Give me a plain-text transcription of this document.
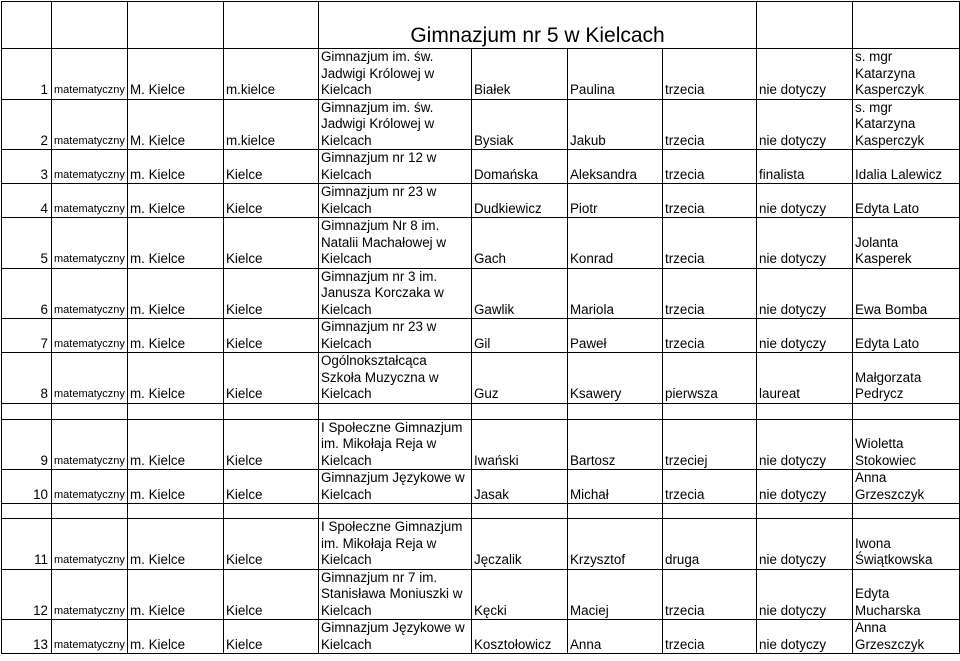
				Gimnazjum nr 5 w Kielcach					
1	matematyczny	M. Kielce	m.kielce	Gimnazjum im. św.
Jadwigi Królowej w
Kielcach	Białek	Paulina	trzecia	nie dotyczy	s. mgr
Katarzyna
Kasperczyk
2	matematyczny	M. Kielce	m.kielce	Gimnazjum im. św.
Jadwigi Królowej w
Kielcach	Bysiak	Jakub	trzecia	nie dotyczy	s. mgr
Katarzyna
Kasperczyk
3	matematyczny	m. Kielce	Kielce	Gimnazjum nr 12 w
Kielcach	Domańska	Aleksandra	trzecia	finalista	Idalia Lalewicz
4	matematyczny	m. Kielce	Kielce	Gimnazjum nr 23 w
Kielcach	Dudkiewicz	Piotr	trzecia	nie dotyczy	Edyta Lato
5	matematyczny	m. Kielce	Kielce	Gimnazjum Nr 8 im.
Natalii Machałowej w
Kielcach	Gach	Konrad	trzecia	nie dotyczy	Jolanta
Kasperek
6	matematyczny	m. Kielce	Kielce	Gimnazjum nr 3 im.
Janusza Korczaka w
Kielcach	Gawlik	Mariola	trzecia	nie dotyczy	Ewa Bomba
7	matematyczny	m. Kielce	Kielce	Gimnazjum nr 23 w
Kielcach	Gil	Paweł	trzecia	nie dotyczy	Edyta Lato
8	matematyczny	m. Kielce	Kielce	Ogólnokształcąca
Szkoła Muzyczna w
Kielcach	Guz	Ksawery	pierwsza	laureat	Małgorzata
Pedrycz

9	matematyczny	m. Kielce	Kielce	I Społeczne Gimnazjum
im. Mikołaja Reja w
Kielcach	Iwański	Bartosz	trzeciej	nie dotyczy	Wioletta
Stokowiec
10	matematyczny	m. Kielce	Kielce	Gimnazjum Językowe w
Kielcach	Jasak	Michał	trzecia	nie dotyczy	Anna
Grzeszczyk

11	matematyczny	m. Kielce	Kielce	I Społeczne Gimnazjum
im. Mikołaja Reja w
Kielcach	Jęczalik	Krzysztof	druga	nie dotyczy	Iwona
Świątkowska
12	matematyczny	m. Kielce	Kielce	Gimnazjum nr 7 im.
Stanisława Moniuszki w
Kielcach	Kęcki	Maciej	trzecia	nie dotyczy	Edyta
Mucharska
13	matematyczny	m. Kielce	Kielce	Gimnazjum Językowe w
Kielcach	Kosztołowicz	Anna	trzecia	nie dotyczy	Anna
Grzeszczyk
